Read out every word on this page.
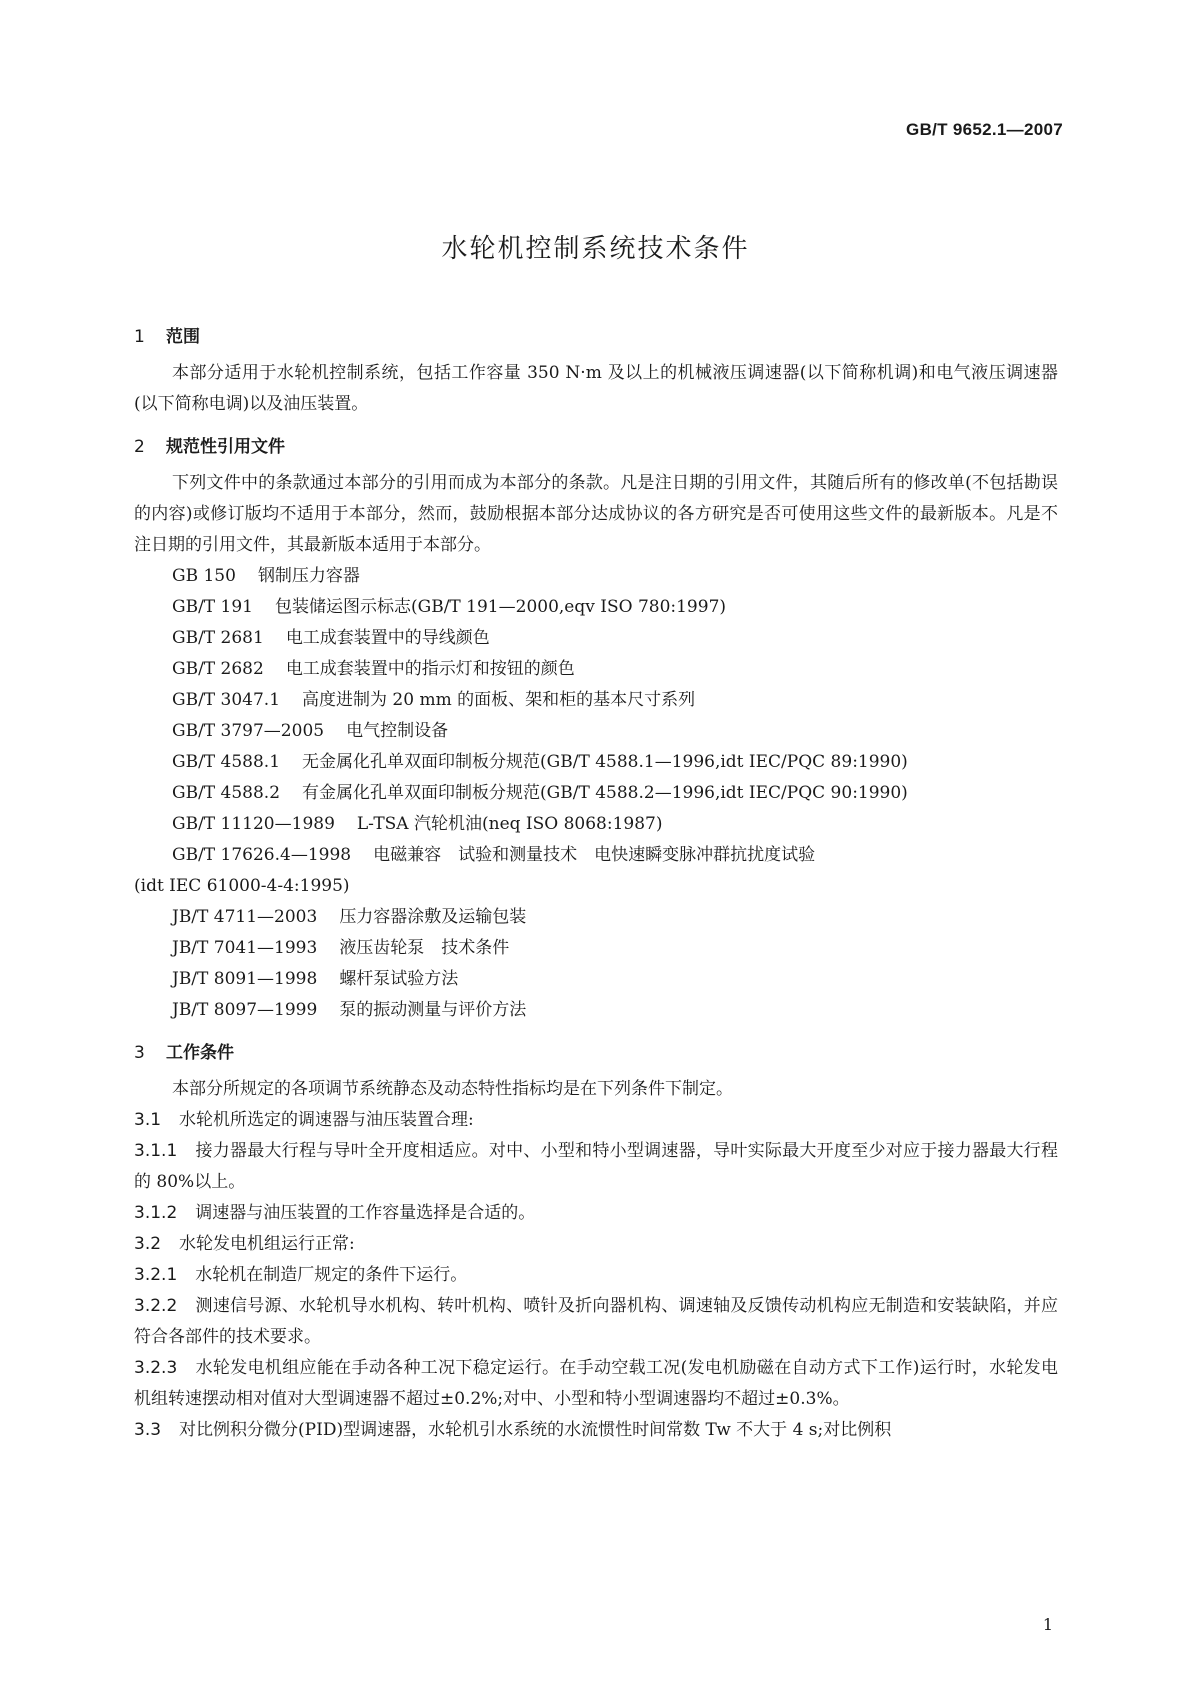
GB/T 9652.1—2007
水轮机控制系统技术条件
1 范围

本部分适用于水轮机控制系统，包括工作容量 350 N·m 及以上的机械液压调速器(以下简称机调)和电气液压调速器(以下简称电调)以及油压装置。

2 规范性引用文件

下列文件中的条款通过本部分的引用而成为本部分的条款。凡是注日期的引用文件，其随后所有的修改单(不包括勘误的内容)或修订版均不适用于本部分，然而，鼓励根据本部分达成协议的各方研究是否可使用这些文件的最新版本。凡是不注日期的引用文件，其最新版本适用于本部分。

GB 150 钢制压力容器

GB/T 191 包装储运图示标志(GB/T 191—2000,eqv ISO 780:1997)

GB/T 2681 电工成套装置中的导线颜色

GB/T 2682 电工成套装置中的指示灯和按钮的颜色

GB/T 3047.1 高度进制为 20 mm 的面板、架和柜的基本尺寸系列

GB/T 3797—2005 电气控制设备

GB/T 4588.1 无金属化孔单双面印制板分规范(GB/T 4588.1—1996,idt IEC/PQC 89:1990)

GB/T 4588.2 有金属化孔单双面印制板分规范(GB/T 4588.2—1996,idt IEC/PQC 90:1990)

GB/T 11120—1989 L-TSA 汽轮机油(neq ISO 8068:1987)

GB/T 17626.4—1998 电磁兼容　试验和测量技术　电快速瞬变脉冲群抗扰度试验

(idt IEC 61000-4-4:1995)

JB/T 4711—2003 压力容器涂敷及运输包装

JB/T 7041—1993 液压齿轮泵　技术条件

JB/T 8091—1998 螺杆泵试验方法

JB/T 8097—1999 泵的振动测量与评价方法

3 工作条件

本部分所规定的各项调节系统静态及动态特性指标均是在下列条件下制定。

3.1 水轮机所选定的调速器与油压装置合理:

3.1.1 接力器最大行程与导叶全开度相适应。对中、小型和特小型调速器，导叶实际最大开度至少对应于接力器最大行程的 80%以上。

3.1.2 调速器与油压装置的工作容量选择是合适的。

3.2 水轮发电机组运行正常:

3.2.1 水轮机在制造厂规定的条件下运行。

3.2.2 测速信号源、水轮机导水机构、转叶机构、喷针及折向器机构、调速轴及反馈传动机构应无制造和安装缺陷，并应符合各部件的技术要求。

3.2.3 水轮发电机组应能在手动各种工况下稳定运行。在手动空载工况(发电机励磁在自动方式下工作)运行时，水轮发电机组转速摆动相对值对大型调速器不超过±0.2%;对中、小型和特小型调速器均不超过±0.3%。

3.3 对比例积分微分(PID)型调速器，水轮机引水系统的水流惯性时间常数 Tw 不大于 4 s;对比例积

1
